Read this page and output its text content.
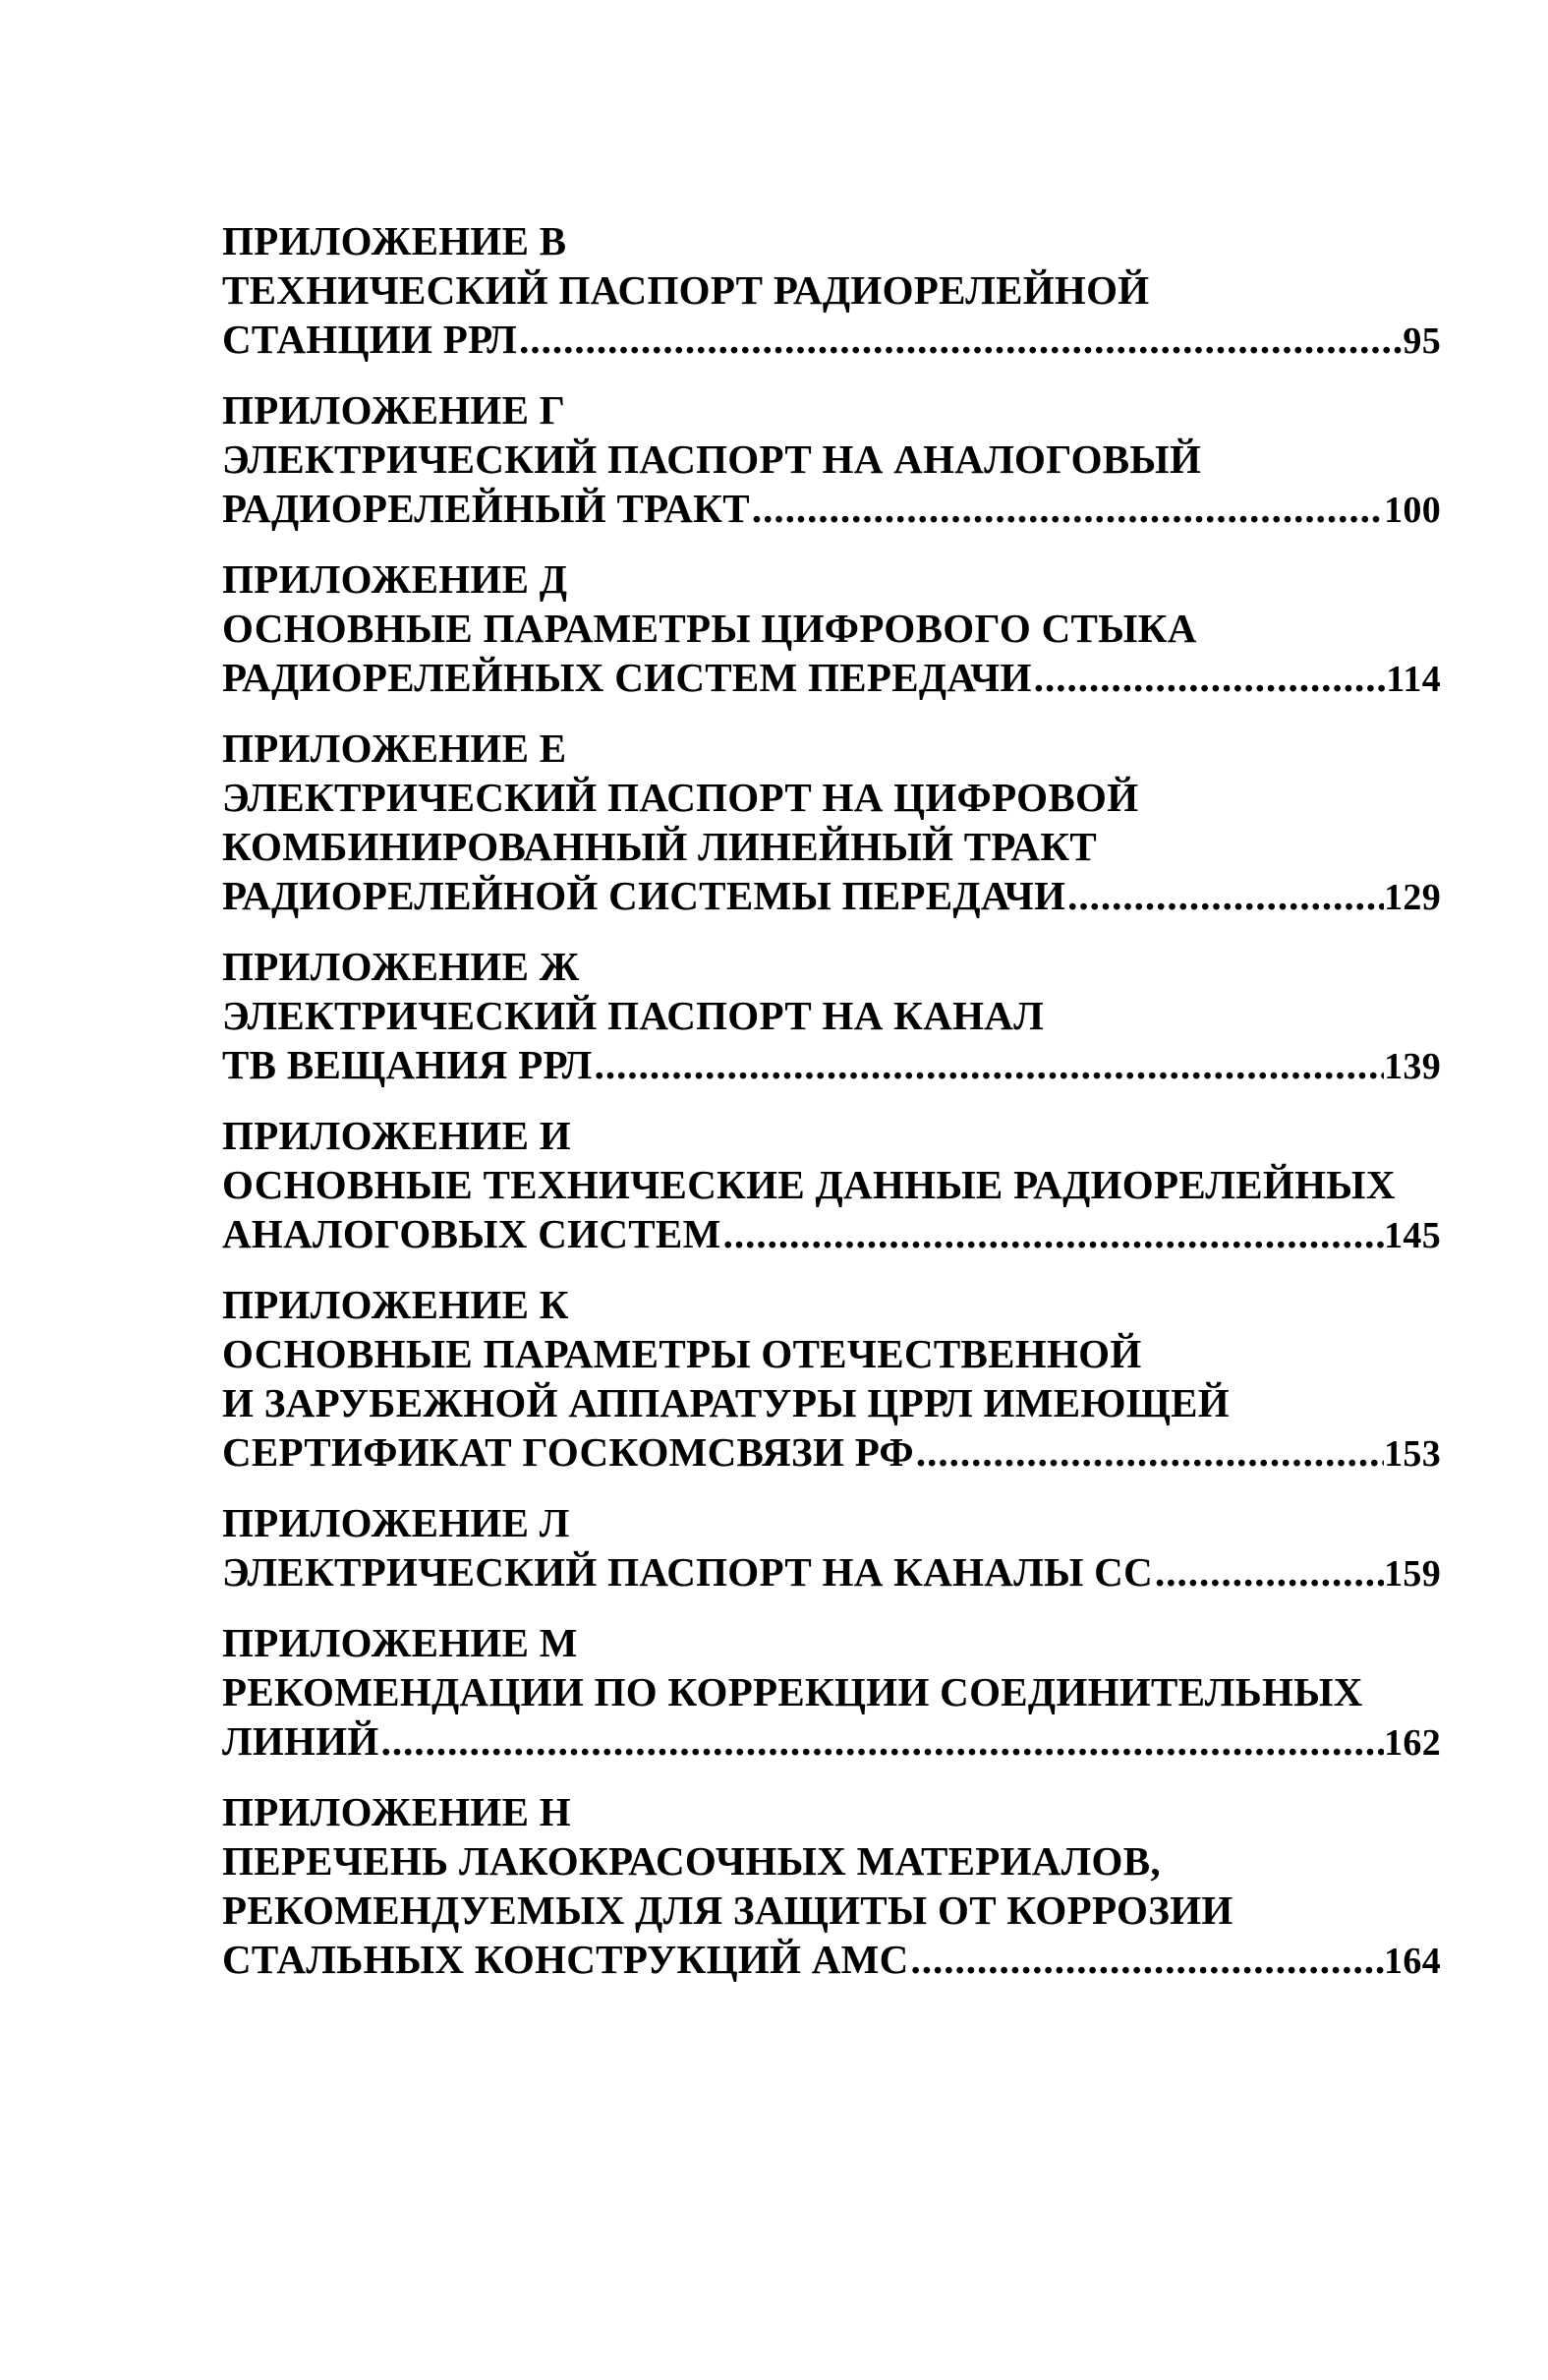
ПРИЛОЖЕНИЕ В
ТЕХНИЧЕСКИЙ ПАСПОРТ РАДИОРЕЛЕЙНОЙ
СТАНЦИИ РРЛ .....	95
ПРИЛОЖЕНИЕ Г
ЭЛЕКТРИЧЕСКИЙ ПАСПОРТ НА АНАЛОГОВЫЙ
РАДИОРЕЛЕЙНЫЙ ТРАКТ .....	100
ПРИЛОЖЕНИЕ Д
ОСНОВНЫЕ ПАРАМЕТРЫ ЦИФРОВОГО СТЫКА
РАДИОРЕЛЕЙНЫХ СИСТЕМ ПЕРЕДАЧИ .....	114
ПРИЛОЖЕНИЕ Е
ЭЛЕКТРИЧЕСКИЙ ПАСПОРТ НА ЦИФРОВОЙ
КОМБИНИРОВАННЫЙ ЛИНЕЙНЫЙ ТРАКТ
РАДИОРЕЛЕЙНОЙ СИСТЕМЫ ПЕРЕДАЧИ .....	129
ПРИЛОЖЕНИЕ Ж
ЭЛЕКТРИЧЕСКИЙ ПАСПОРТ НА КАНАЛ
ТВ ВЕЩАНИЯ РРЛ .....	139
ПРИЛОЖЕНИЕ И
ОСНОВНЫЕ ТЕХНИЧЕСКИЕ ДАННЫЕ РАДИОРЕЛЕЙНЫХ
АНАЛОГОВЫХ СИСТЕМ .....	145
ПРИЛОЖЕНИЕ К
ОСНОВНЫЕ ПАРАМЕТРЫ ОТЕЧЕСТВЕННОЙ
И ЗАРУБЕЖНОЙ АППАРАТУРЫ ЦРРЛ ИМЕЮЩЕЙ
СЕРТИФИКАТ ГОСКОМСВЯЗИ РФ .....	153
ПРИЛОЖЕНИЕ Л
ЭЛЕКТРИЧЕСКИЙ ПАСПОРТ НА КАНАЛЫ СС .....	159
ПРИЛОЖЕНИЕ М
РЕКОМЕНДАЦИИ ПО КОРРЕКЦИИ СОЕДИНИТЕЛЬНЫХ
ЛИНИЙ .....	162
ПРИЛОЖЕНИЕ Н
ПЕРЕЧЕНЬ ЛАКОКРАСОЧНЫХ МАТЕРИАЛОВ,
РЕКОМЕНДУЕМЫХ ДЛЯ ЗАЩИТЫ ОТ КОРРОЗИИ
СТАЛЬНЫХ КОНСТРУКЦИЙ АМС .....	164
